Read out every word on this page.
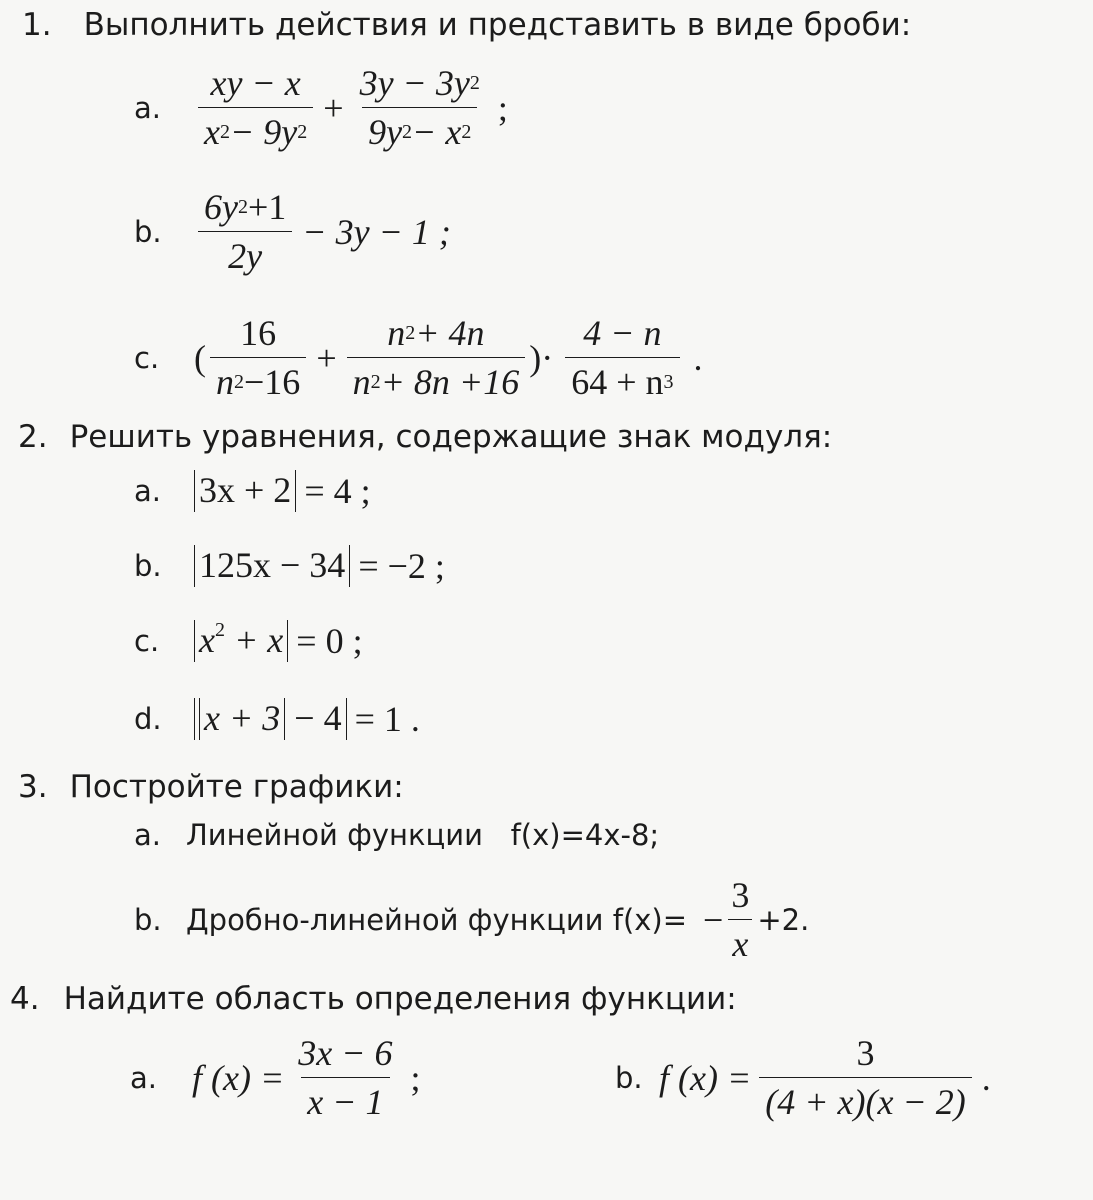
1. Выполнить действия и представить в виде броби:
a.	$\frac{xy - x}{x 2 - 9y 2} + \frac{3y - 3y 2}{9y 2 - x 2}$ ;
b.	$\frac{6y 2 +1}{2y} - 3y - 1$ ;
c. ( $\frac{16}{n 2 -16} + \frac{n 2 + 4n}{n 2 + 8n +16}$ )· $\frac{4 - n}{64 + n 3}$ .
2. Решить уравнения, содержащие знак модуля:
a.	3x + 2 = 4 ;
b.	125x − 34 = −2 ;
c.	$x^2 + x = 0$ ;
d.	x + 3 − 4 = 1 .
3. Постройте графики:
a. Линейной функции   f(x)=4x-8;
b. Дробно-линейной функции $f(x)= - \frac{3}{x} +2$.
4. Найдите область определения функции:
a. f $(x) = \frac{3x - 6}{x - 1}$ ;	b. f $(x) = \frac{3}{(4 + x)(x - 2)}$ .
